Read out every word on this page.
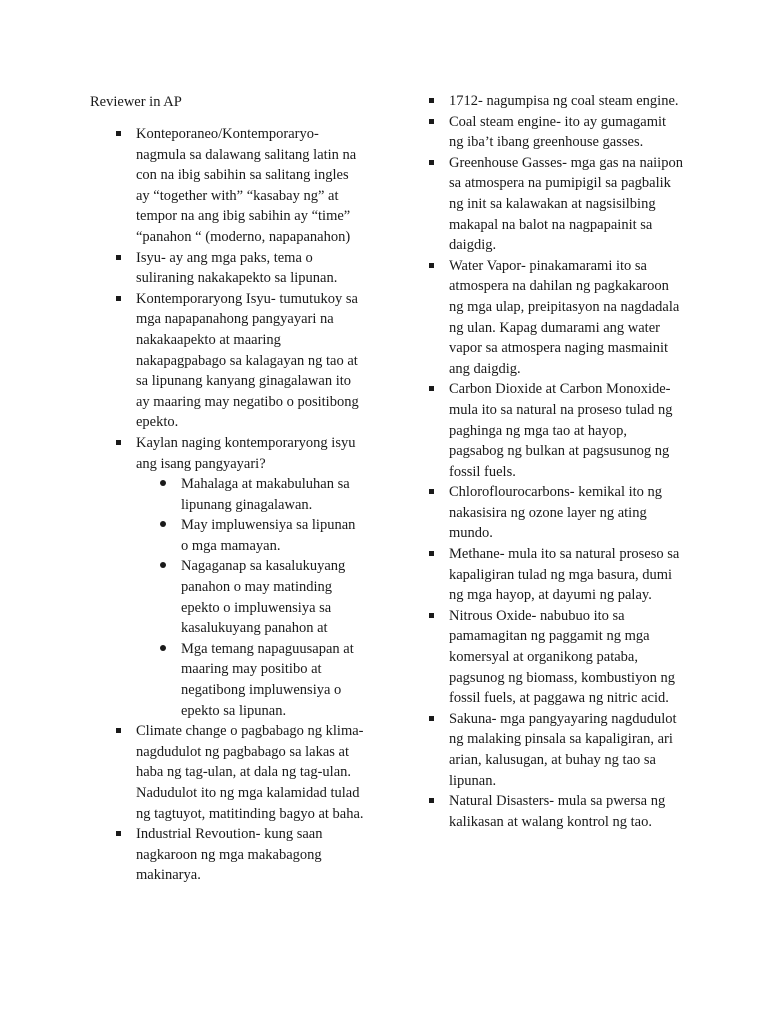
Reviewer in AP
Konteporaneo/Kontemporaryo- nagmula sa dalawang salitang latin na con na ibig sabihin sa salitang ingles ay “together with” “kasabay ng” at tempor na ang ibig sabihin ay “time” “panahon “ (moderno, napapanahon)
Isyu- ay ang mga paks, tema o suliraning nakakapekto sa lipunan.
Kontemporaryong Isyu- tumutukoy sa mga napapanahong pangyayari na nakakaapekto at maaring nakapagpabago sa kalagayan ng tao at sa lipunang kanyang ginagalawan ito ay maaring may negatibo o positibong epekto.
Kaylan naging kontemporaryong isyu ang isang pangyayari?
Mahalaga at makabuluhan sa lipunang ginagalawan.
May impluwensiya sa lipunan o mga mamayan.
Nagaganap sa kasalukuyang panahon o may matinding epekto o impluwensiya sa kasalukuyang panahon at
Mga temang napaguusapan at maaring may positibo at negatibong impluwensiya o epekto sa lipunan.
Climate change o pagbabago ng klima- nagdudulot ng pagbabago sa lakas at haba ng tag-ulan, at dala ng tag-ulan. Nadudulot ito ng mga kalamidad tulad ng tagtuyot, matitinding bagyo at baha.
Industrial Revoution- kung saan nagkaroon ng mga makabagong makinarya.
1712- nagumpisa ng coal steam engine.
Coal steam engine- ito ay gumagamit ng iba’t ibang greenhouse gasses.
Greenhouse Gasses- mga gas na naiipon sa atmospera na pumipigil sa pagbalik ng init sa kalawakan at nagsisilbing makapal na balot na nagpapainit sa daigdig.
Water Vapor- pinakamarami ito sa atmospera na dahilan ng pagkakaroon ng mga ulap, preipitasyon na nagdadala ng ulan. Kapag dumarami ang water vapor sa atmospera naging masmainit ang daigdig.
Carbon Dioxide at Carbon Monoxide- mula ito sa natural na proseso tulad ng paghinga ng mga tao at hayop, pagsabog ng bulkan at pagsusunog ng fossil fuels.
Chloroflourocarbons- kemikal ito ng nakasisira ng ozone layer ng ating mundo.
Methane- mula ito sa natural proseso sa kapaligiran tulad ng mga basura, dumi ng mga hayop, at dayumi ng palay.
Nitrous Oxide- nabubuo ito sa pamamagitan ng paggamit ng mga komersyal at organikong pataba, pagsunog ng biomass, kombustiyon ng fossil fuels, at paggawa ng nitric acid.
Sakuna- mga pangyayaring nagdudulot ng malaking pinsala sa kapaligiran, ari arian, kalusugan, at buhay ng tao sa lipunan.
Natural Disasters- mula sa pwersa ng kalikasan at walang kontrol ng tao.
